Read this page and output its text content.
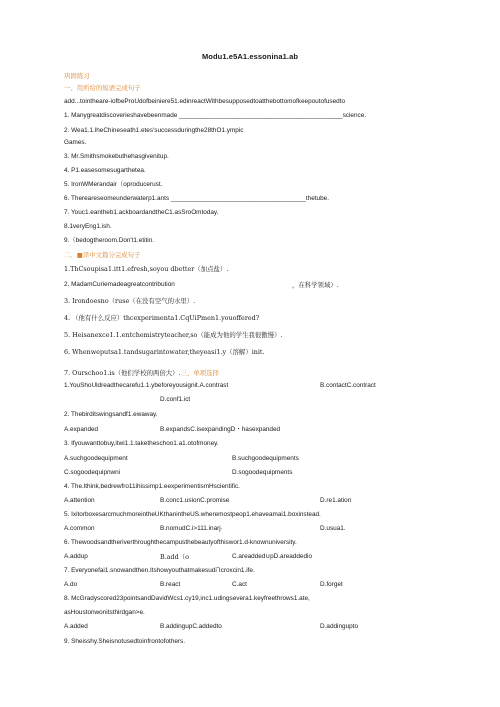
Modu1.e5A1.essonina1.ab
巩固练习
一、用所给的短语完成句子
add...tointheare-iofbeProUdofbeiniere51.edinreactWithbesupposedtoatthebottomofkeepoutofusedto
1. Manygreatdiscoverieshavebeenmade ______________________________________________science.
2. Wea1.1.lheChineseath1.etes'successduringthe28thO1.ympic
Games.
3. Mr.Smithsmokebuthehasgivenitup.
4. P1.easesomesugarthetea.
5. IronWMerandair（oproducerust.
6. Thereareseomeunderwaterp1.ants ______________________________________thetube.
7. Youc1.eantheb1.ackboardandtheC1.asSroOmtoday.
8.1veryEng1.ish.
9.（bedogtheroom.Don't1.etitin.
二、■译中文篇分完成句子
1.ThCsoupisa1.itt1.efresh,soyou dbetter（加点盐）.
2. MadamCuriemadeagreatcontribution	，在科学领域）.
3. Irondoesno（ruse（在没有空气的水里）.
4. （他有什么反应）thcexperimenta1.CqUiPmen1.youoffered?
5. Heisanexce1.1.entchemistryteacher,so（能成为他的学生我很傲慢）.
6. Whenweputsa1.tandsugarintowater,theyeasi1.y（溶解）init.
7. Ourschoo1.is（他们学校的两倍大）.三、单项选择
1.YouShoUldreadthecarefu1.1.ybeforeyousignit.A.contrast	B.contactC.contract
D.conf1.ict
2. Thebirditswingsandf1.ewaway.
A.expanded	B.expandsC.isexpandingD・hasexpanded
3. Ifyouwanttobuy,itwi1.1.taketheschoo1.a1.otofmoney.
A.suchgoodequipment	B.suchgoodequipments
C.sogoodequipnwni	D.sogoodequipments
4. The.lthink,bedrewfro11ihissimp1.eexperimentismHscientific.
A.attention	B.conc1.usionC.promise	D.re1.ation
5. IxitorboxesarcmuchmoreintheUKthanintheUS.wheremostpeop1.ehaveamai1.boxinstead.
A.common	B.nomudC.i>111.inarj·	D.usua1.
6. Thewoodsandtheriverthroughthecampusthebeautyofthiswor1.d-knownuniversity.
A.addup	B.add（o	C.areadded∪pD.areaddedio
7. Everyonefai1.snowandthen.ItshowyouthatmakesudiˆIcroxcin1.ife.
A.do	B.react	C.act	D.forget
8. McGradyscored23pointsandDavidWcs1.cy19,inc1.udingsevera1.keyfreethrows1.ate,
asHoustonwonitsthirdgan>e.
A.added	B.addingupC.addedto	D.addingupto
9. Sheisshy.Sheisnotusedtoinfrontofothers.
